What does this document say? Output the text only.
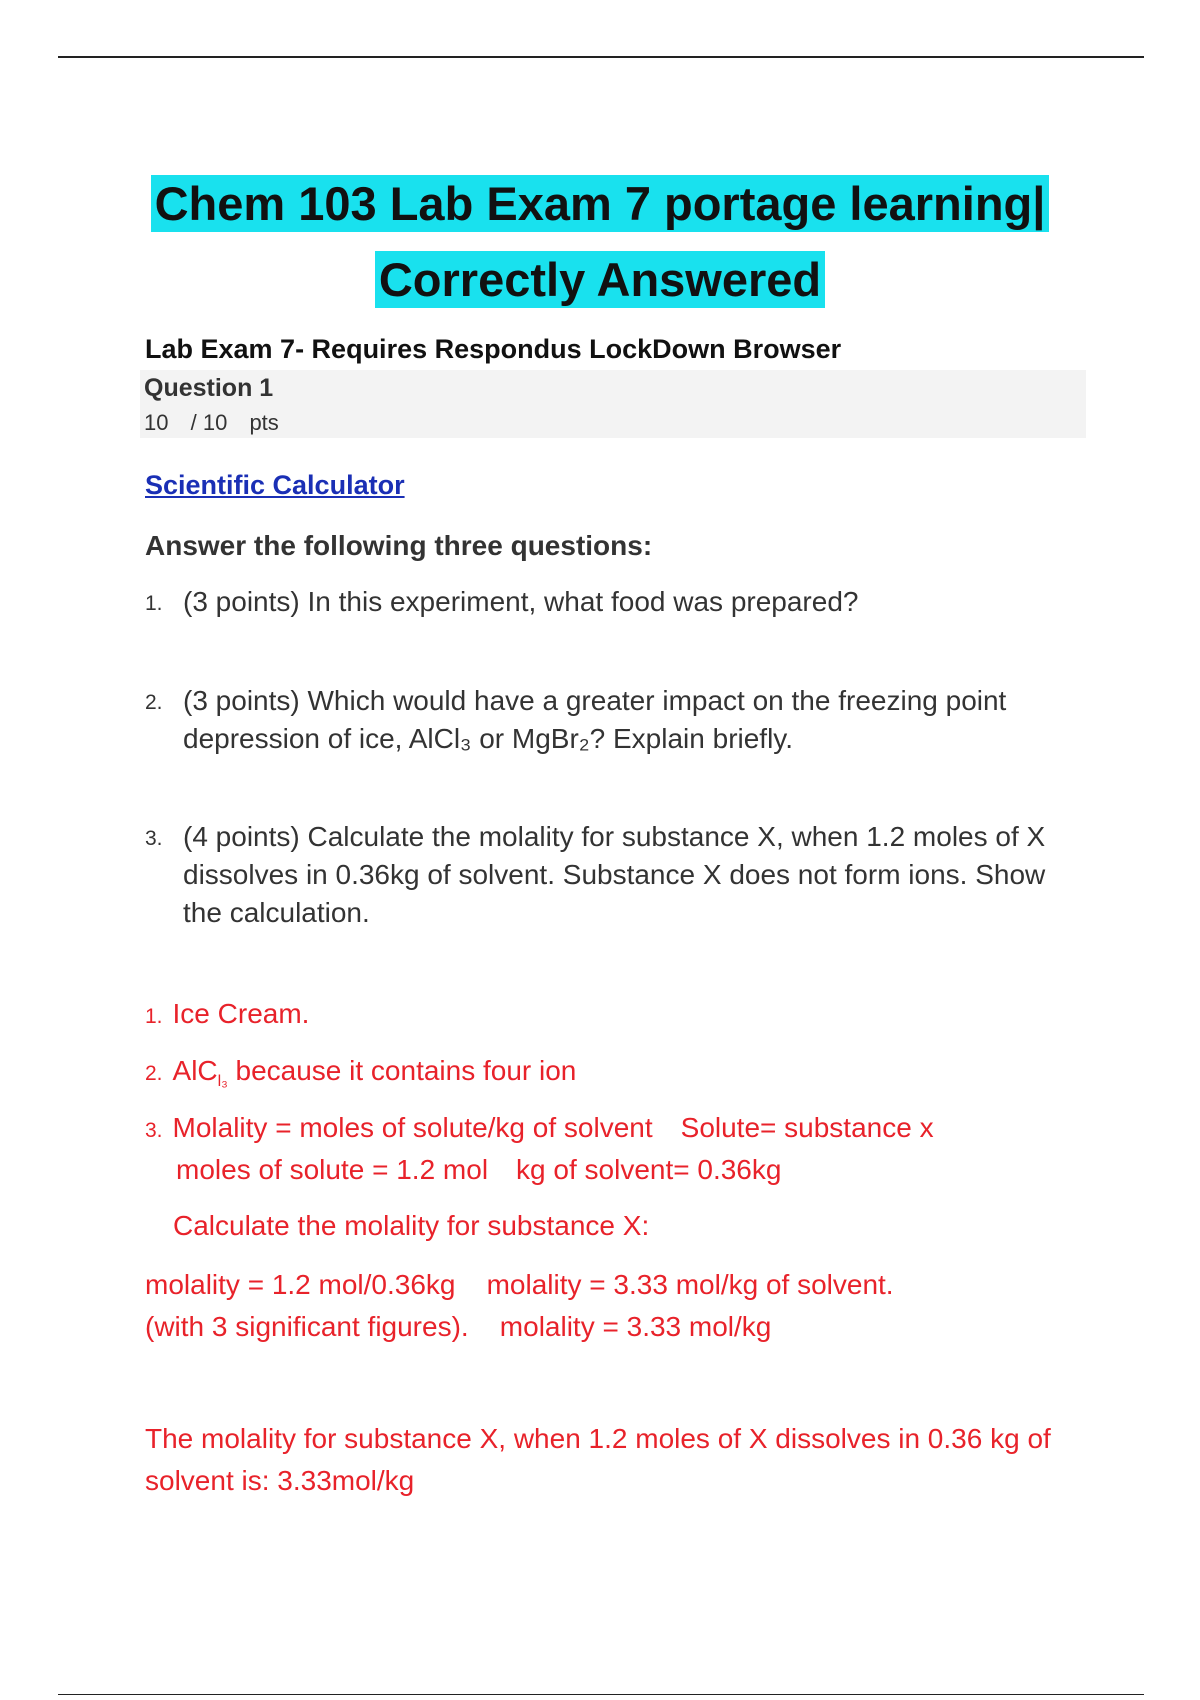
Chem 103 Lab Exam 7 portage learning|
Correctly Answered
Lab Exam 7- Requires Respondus LockDown Browser
Question 1
10 / 10 pts
Scientific Calculator
Answer the following three questions:
1. (3 points) In this experiment, what food was prepared?
2. (3 points) Which would have a greater impact on the freezing point depression of ice, AlCl₃ or MgBr₂? Explain briefly.
3. (4 points) Calculate the molality for substance X, when 1.2 moles of X dissolves in 0.36kg of solvent. Substance X does not form ions. Show the calculation.
1. Ice Cream.
2. AlC$_{l_3}$ because it contains four ion
3. Molality = moles of solute/kg of solvent Solute= substance x
moles of solute = 1.2 mol kg of solvent= 0.36kg
Calculate the molality for substance X:
molality = 1.2 mol/0.36kg    molality = 3.33 mol/kg of solvent. (with 3 significant figures).    molality = 3.33 mol/kg
The molality for substance X, when 1.2 moles of X dissolves in 0.36 kg of solvent is: 3.33mol/kg
